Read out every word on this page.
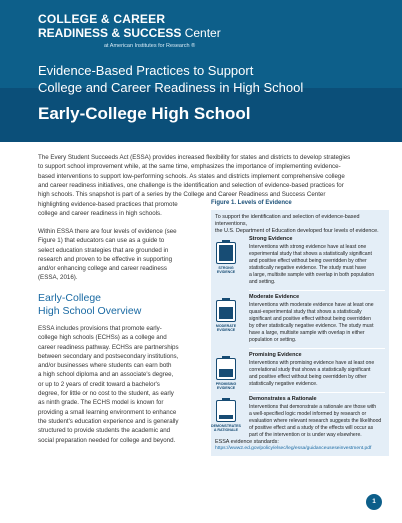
COLLEGE & CAREER
READINESS & SUCCESS Center
at American Institutes for Research ®
Evidence-Based Practices to Support
College and Career Readiness in High School
Early-College High School
The Every Student Succeeds Act (ESSA) provides increased flexibility for states and districts to develop strategies
to support school improvement while, at the same time, emphasizes the importance of implementing evidence-
based interventions to support low-performing schools. As states and districts implement comprehensive college
and career readiness initiatives, one challenge is the identification and selection of evidence-based practices for
high schools. This snapshot is part of a series by the College and Career Readiness and Success Center
highlighting evidence-based practices that promote
college and career readiness in high schools.
Within ESSA there are four levels of evidence (see
Figure 1) that educators can use as a guide to
select education strategies that are grounded in
research and proven to be effective in supporting
and/or enhancing college and career readiness
(ESSA, 2016).
Early-College
High School Overview
ESSA includes provisions that promote early-
college high schools (ECHSs) as a college and
career readiness pathway. ECHSs are partnerships
between secondary and postsecondary institutions,
and/or businesses where students can earn both
a high school diploma and an associate's degree,
or up to 2 years of credit toward a bachelor's
degree, for little or no cost to the student, as early
as ninth grade. The ECHS model is known for
providing a small learning environment to enhance
the student's education experience and is generally
structured to provide students the academic and
social preparation needed for college and beyond.
Figure 1. Levels of Evidence
To support the identification and selection of evidence-based interventions,
the U.S. Department of Education developed four levels of evidence.
STRONG
EVIDENCE
Strong Evidence
Interventions with strong evidence have at least one
experimental study that shows a statistically significant
and positive effect without being overridden by other
statistically negative evidence. The study must have
a large, multisite sample with overlap in both population
and setting.
MODERATE
EVIDENCE
Moderate Evidence
Interventions with moderate evidence have at least one
quasi-experimental study that shows a statistically
significant and positive effect without being overridden
by other statistically negative evidence. The study must
have a large, multisite sample with overlap in either
population or setting.
PROMISING
EVIDENCE
Promising Evidence
Interventions with promising evidence have at least one
correlational study that shows a statistically significant
and positive effect without being overridden by other
statistically negative evidence.
DEMONSTRATES
A RATIONALE
Demonstrates a Rationale
Interventions that demonstrate a rationale are those with
a well-specified logic model informed by research or
evaluation where relevant research suggests the likelihood
of positive effect and a study of the effects will occur as
part of the intervention or is under way elsewhere.
ESSA evidence standards:
https://www2.ed.gov/policy/elsec/leg/essa/guidanceuseseinvestment.pdf
1
